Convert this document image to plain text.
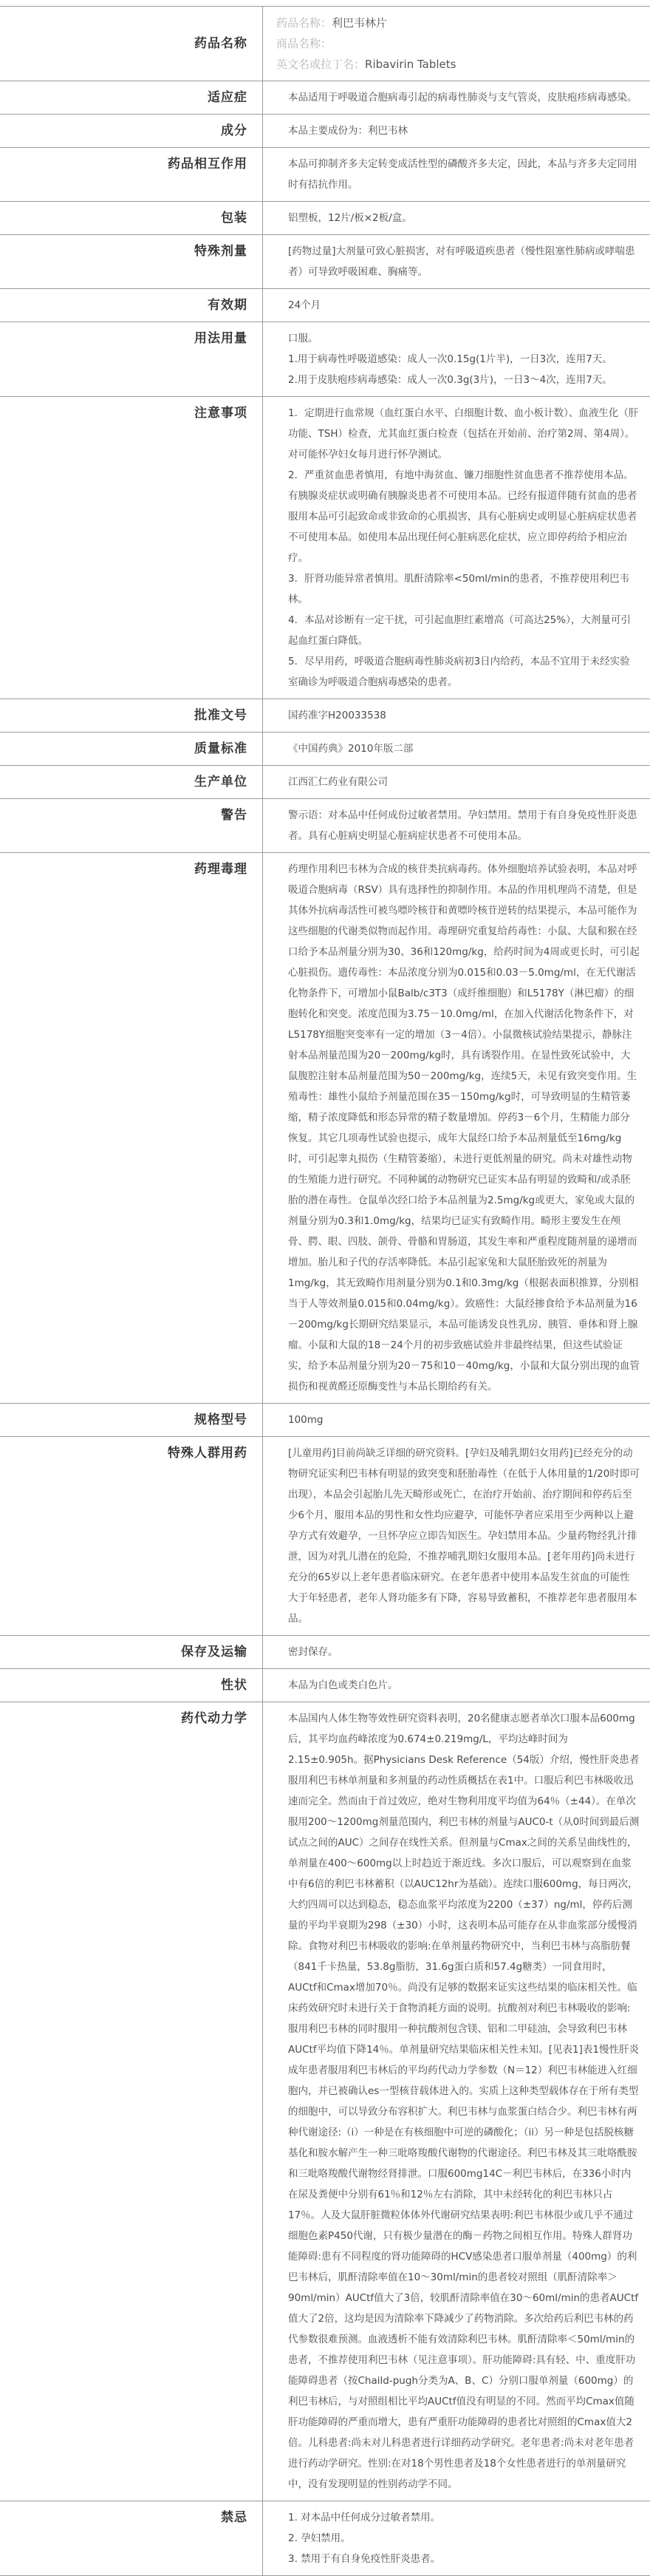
药品名称

药品名称：利巴韦林片

商品名称：

英文名或拉丁名：Ribavirin Tablets

适应症	本品适用于呼吸道合胞病毒引起的病毒性肺炎与支气管炎，皮肤疱疹病毒感染。

成分	本品主要成份为：利巴韦林

药品相互作用	本品可抑制齐多夫定转变成活性型的磷酸齐多夫定，因此，本品与齐多夫定同用时有拮抗作用。

包装	铝塑板，12片/板×2板/盒。

特殊剂量	[药物过量]大剂量可致心脏损害，对有呼吸道疾患者（慢性阻塞性肺病或哮喘患者）可导致呼吸困难、胸痛等。

有效期	24个月

用法用量	口服。

1.用于病毒性呼吸道感染：成人一次0.15g(1片半)，一日3次，连用7天。

2.用于皮肤疱疹病毒感染：成人一次0.3g(3片)，一日3～4次，连用7天。

注意事项	1．定期进行血常规（血红蛋白水平、白细胞计数、血小板计数）、血液生化（肝功能、TSH）检查，尤其血红蛋白检查（包括在开始前、治疗第2周、第4周）。对可能怀孕妇女每月进行怀孕测试。

2．严重贫血患者慎用，有地中海贫血、镰刀细胞性贫血患者不推荐使用本品。有胰腺炎症状或明确有胰腺炎患者不可使用本品。已经有报道伴随有贫血的患者服用本品可引起致命或非致命的心肌损害，具有心脏病史或明显心脏病症状患者不可使用本品。如使用本品出现任何心脏病恶化症状，应立即停药给予相应治疗。

3．肝肾功能异常者慎用。肌酐清除率<50ml/min的患者，不推荐使用利巴韦林。

4．本品对诊断有一定干扰，可引起血胆红素增高（可高达25%），大剂量可引起血红蛋白降低。

5．尽早用药，呼吸道合胞病毒性肺炎病初3日内给药，本品不宜用于未经实验室确诊为呼吸道合胞病毒感染的患者。

批准文号	国药准字H20033538

质量标准	《中国药典》2010年版二部

生产单位	江西汇仁药业有限公司

警告	警示语：对本品中任何成份过敏者禁用。孕妇禁用。禁用于有自身免疫性肝炎患者。具有心脏病史明显心脏病症状患者不可使用本品。

药理毒理	药理作用利巴韦林为合成的核苷类抗病毒药。体外细胞培养试验表明，本品对呼吸道合胞病毒（RSV）具有选择性的抑制作用。本品的作用机理尚不清楚，但是其体外抗病毒活性可被鸟嘌呤核苷和黄嘌呤核苷逆转的结果提示，本品可能作为这些细胞的代谢类似物而起作用。毒理研究重复给药毒性：小鼠、大鼠和猴在经口给予本品剂量分别为30、36和120mg/kg，给药时间为4周或更长时，可引起心脏损伤。遗传毒性：本品浓度分别为0.015和0.03－5.0mg/ml，在无代谢活化物条件下，可增加小鼠Balb/c3T3（成纤维细胞）和L5178Y（淋巴瘤）的细胞转化和突变。浓度范围为3.75－10.0mg/ml，在加入代谢活化物条件下，对L5178Y细胞突变率有一定的增加（3－4倍）。小鼠微核试验结果提示，静脉注射本品剂量范围为20－200mg/kg时，具有诱裂作用。在显性致死试验中，大鼠腹腔注射本品剂量范围为50－200mg/kg，连续5天，未见有致突变作用。生殖毒性：雄性小鼠给予剂量范围在35－150mg/kg时，可导致明显的生精管萎缩，精子浓度降低和形态异常的精子数量增加。停药3－6个月，生精能力部分恢复。其它几项毒性试验也提示，成年大鼠经口给予本品剂量低至16mg/kg时，可引起睾丸损伤（生精管萎缩），未进行更低剂量的研究。尚未对雄性动物的生殖能力进行研究。不同种属的动物研究已证实本品有明显的致畸和/或杀胚胎的潜在毒性。仓鼠单次经口给予本品剂量为2.5mg/kg或更大，家兔或大鼠的剂量分别为0.3和1.0mg/kg，结果均已证实有致畸作用。畸形主要发生在颅骨、腭、眼、四肢、颌骨、骨骼和胃肠道，其发生率和严重程度随剂量的递增而增加。胎儿和子代的存活率降低。本品引起家兔和大鼠胚胎致死的剂量为1mg/kg，其无致畸作用剂量分别为0.1和0.3mg/kg（根据表面积推算，分别相当于人等效剂量0.015和0.04mg/kg）。致癌性：大鼠经掺食给予本品剂量为16－200mg/kg长期研究结果显示，本品可能诱发良性乳房、胰管、垂体和肾上腺瘤。小鼠和大鼠的18－24个月的初步致癌试验并非最终结果，但这些试验证实，给予本品剂量分别为20－75和10－40mg/kg，小鼠和大鼠分别出现的血管损伤和视黄醛还原酶变性与本品长期给药有关。

规格型号	100mg

特殊人群用药	[儿童用药]目前尚缺乏详细的研究资料。[孕妇及哺乳期妇女用药]已经充分的动物研究证实利巴韦林有明显的致突变和胚胎毒性（在低于人体用量的1/20时即可出现），本品会引起胎儿先天畸形或死亡，在治疗开始前、治疗期间和停药后至少6个月，服用本品的男性和女性均应避孕，可能怀孕者应采用至少两种以上避孕方式有效避孕，一旦怀孕应立即告知医生。孕妇禁用本品。少量药物经乳汁排泄，因为对乳儿潜在的危险，不推荐哺乳期妇女服用本品。[老年用药]尚未进行充分的65岁以上老年患者临床研究。在老年患者中使用本品发生贫血的可能性大于年轻患者，老年人肾功能多有下降，容易导致蓄积，不推荐老年患者服用本品。

保存及运输	密封保存。

性状	本品为白色或类白色片。

药代动力学	本品国内人体生物等效性研究资料表明，20名健康志愿者单次口服本品600mg后，其平均血药峰浓度为0.674±0.219mg/L，平均达峰时间为2.15±0.905h。据Physicians Desk Reference（54版）介绍，慢性肝炎患者服用利巴韦林单剂量和多剂量的药动性质概括在表1中。口服后利巴韦林吸收迅速而完全。然而由于首过效应，绝对生物利用度平均值为64％（±44）。在单次服用200～1200mg剂量范围内，利巴韦林的剂量与AUC0-t（从0时间到最后测试点之间的AUC）之间存在线性关系。但剂量与Cmax之间的关系呈曲线性的，单剂量在400～600mg以上时趋近于渐近线。多次口服后，可以观察到在血浆中有6倍的利巴韦林蓄积（以AUC12hr为基础）。连续口服600mg，每日两次，大约四周可以达到稳态，稳态血浆平均浓度为2200（±37）ng/ml，停药后测量的平均半衰期为298（±30）小时，这表明本品可能存在从非血浆部分缓慢消除。食物对利巴韦林吸收的影响:在单剂量药物研究中，当利巴韦林与高脂肪餐（841千卡热量，53.8g脂肪，31.6g蛋白质和57.4g糖类）一同食用时，AUCtf和Cmax增加70％。尚没有足够的数据来证实这些结果的临床相关性。临床药效研究时未进行关于食物消耗方面的说明。抗酸剂对利巴韦林吸收的影响:服用利巴韦林的同时服用一种抗酸剂包含镁、铝和二甲硅油，会导致利巴韦林AUCtf平均值下降14％。单剂量研究结果临床相关性未知。[见表1]表1慢性肝炎成年患者服用利巴韦林后的平均药代动力学参数（N＝12）利巴韦林能进入红细胞内，并已被确认es一型核苷载体进入的。实质上这种类型载体存在于所有类型的细胞中，可以导致分布容积扩大。利巴韦林与血浆蛋白结合少。利巴韦林有两种代谢途径:（i）一种是在有核细胞中可逆的磷酸化；（ii）另一种是包括脱核糖基化和胺水解产生一种三吡咯羧酸代谢物的代谢途径。利巴韦林及其三吡咯酰胺和三吡咯羧酸代谢物经肾排泄。口服600mg14C－利巴韦林后，在336小时内在尿及粪便中分别有61％和12％左右消除，其中未经转化的利巴韦林只占17％。人及大鼠肝脏微粒体体外代谢研究结果表明:利巴韦林很少或几乎不通过细胞色素P450代谢，只有极少量潜在的酶－药物之间相互作用。特殊人群肾功能障碍:患有不同程度的肾功能障碍的HCV感染患者口服单剂量（400mg）的利巴韦林后，肌酐清除率值在10～30ml/min的患者较对照组（肌酐清除率＞90ml/min）AUCtf值大了3倍，较肌酐清除率值在30～60ml/min的患者AUCtf值大了2倍，这均是因为清除率下降减少了药物消除。多次给药后利巴韦林的药代参数很难预测。血液透析不能有效清除利巴韦林。肌酐清除率＜50ml/min的患者，不推荐使用利巴韦林（见注意事项）。肝功能障碍:具有轻、中、重度肝功能障碍患者（按Chaild-pugh分类为A、B、C）分别口服单剂量（600mg）的利巴韦林后，与对照组相比平均AUCtf值没有明显的不同。然而平均Cmax值随肝功能障碍的严重而增大，患有严重肝功能障碍的患者比对照组的Cmax值大2倍。儿科患者:尚未对儿科患者进行详细药动学研究。老年患者:尚未对老年患者进行药动学研究。性别:在对18个男性患者及18个女性患者进行的单剂量研究中，没有发现明显的性别药动学不同。

禁忌	1. 对本品中任何成分过敏者禁用。

2. 孕妇禁用。

3. 禁用于有自身免疫性肝炎患者。
